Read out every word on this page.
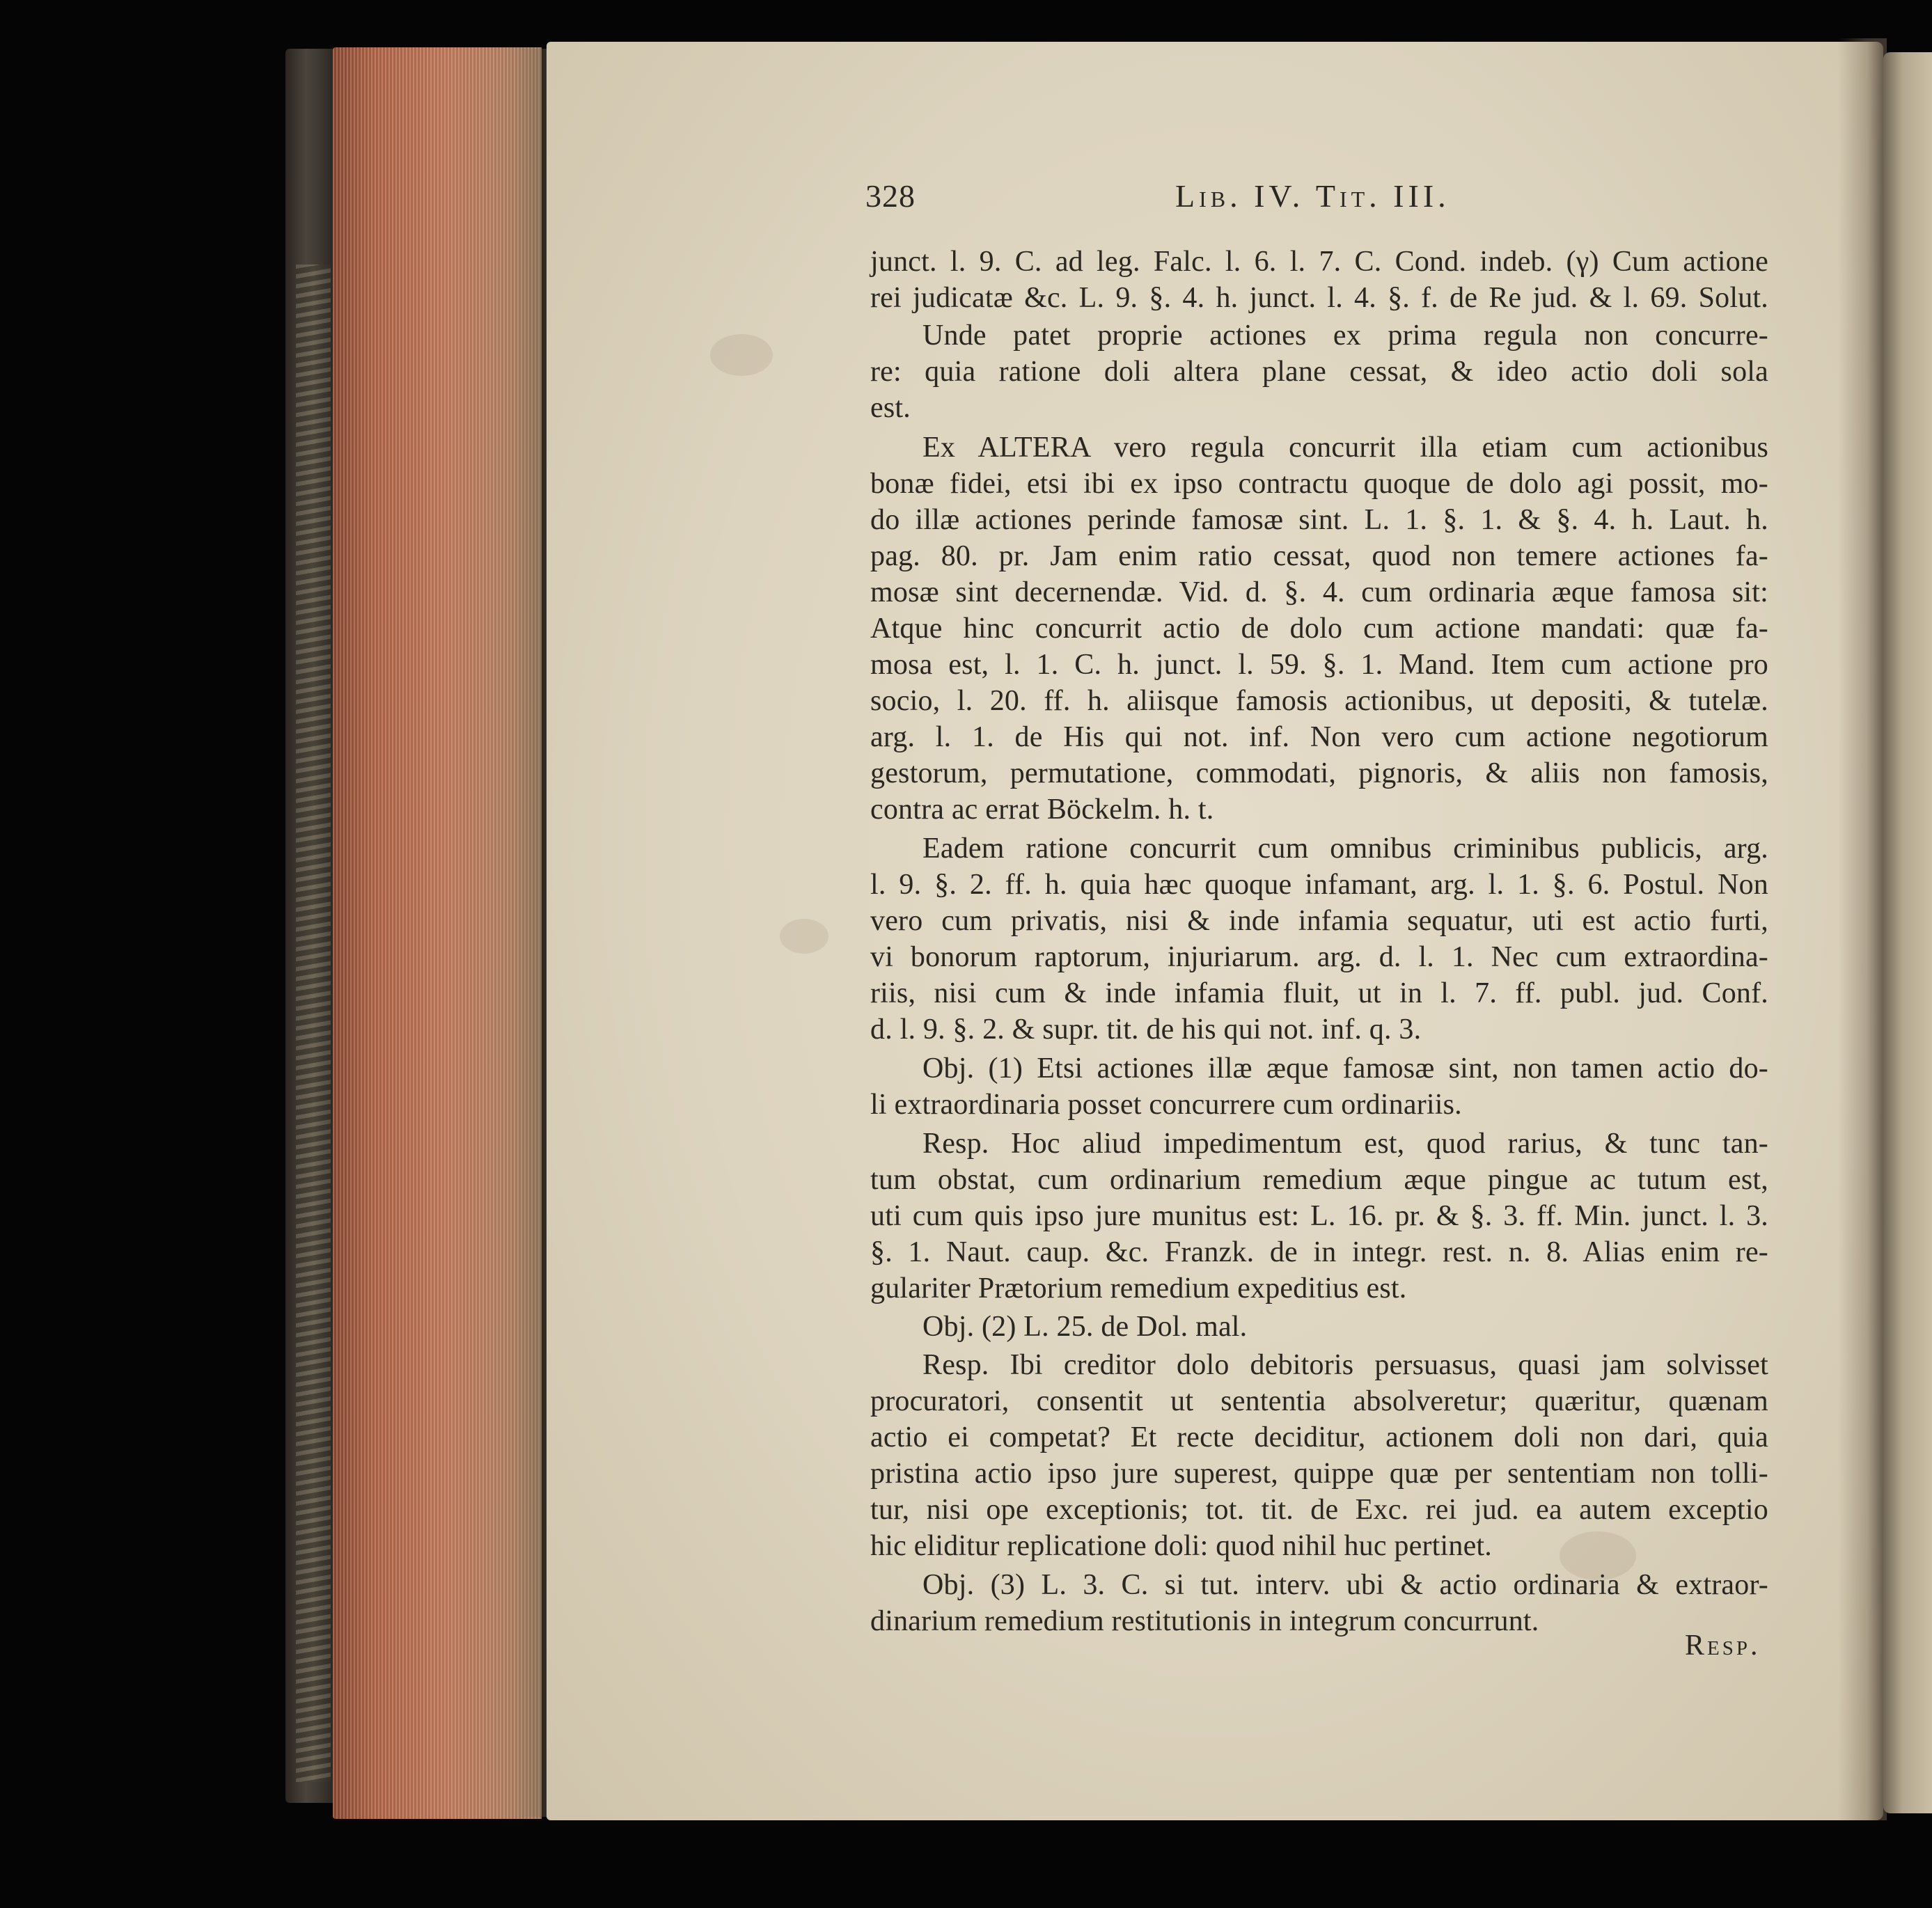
328	Lib. IV. Tit. III.
junct. l. 9. C. ad leg. Falc. l. 6. l. 7. C. Cond. indeb. (γ) Cum actione
rei judicatæ &c. L. 9. §. 4. h. junct. l. 4. §. f. de Re jud. & l. 69. Solut.
Unde patet proprie actiones ex prima regula non concurre-
re: quia ratione doli altera plane cessat, & ideo actio doli sola
est.
Ex ALTERA vero regula concurrit illa etiam cum actionibus
bonæ fidei, etsi ibi ex ipso contractu quoque de dolo agi possit, mo-
do illæ actiones perinde famosæ sint. L. 1. §. 1. & §. 4. h. Laut. h.
pag. 80. pr. Jam enim ratio cessat, quod non temere actiones fa-
mosæ sint decernendæ. Vid. d. §. 4. cum ordinaria æque famosa sit:
Atque hinc concurrit actio de dolo cum actione mandati: quæ fa-
mosa est, l. 1. C. h. junct. l. 59. §. 1. Mand. Item cum actione pro
socio, l. 20. ff. h. aliisque famosis actionibus, ut depositi, & tutelæ.
arg. l. 1. de His qui not. inf. Non vero cum actione negotiorum
gestorum, permutatione, commodati, pignoris, & aliis non famosis,
contra ac errat Böckelm. h. t.
Eadem ratione concurrit cum omnibus criminibus publicis, arg.
l. 9. §. 2. ff. h. quia hæc quoque infamant, arg. l. 1. §. 6. Postul. Non
vero cum privatis, nisi & inde infamia sequatur, uti est actio furti,
vi bonorum raptorum, injuriarum. arg. d. l. 1. Nec cum extraordina-
riis, nisi cum & inde infamia fluit, ut in l. 7. ff. publ. jud. Conf.
d. l. 9. §. 2. & supr. tit. de his qui not. inf. q. 3.
Obj. (1) Etsi actiones illæ æque famosæ sint, non tamen actio do-
li extraordinaria posset concurrere cum ordinariis.
Resp. Hoc aliud impedimentum est, quod rarius, & tunc tan-
tum obstat, cum ordinarium remedium æque pingue ac tutum est,
uti cum quis ipso jure munitus est: L. 16. pr. & §. 3. ff. Min. junct. l. 3.
§. 1. Naut. caup. &c. Franzk. de in integr. rest. n. 8. Alias enim re-
gulariter Prætorium remedium expeditius est.
Obj. (2) L. 25. de Dol. mal.
Resp. Ibi creditor dolo debitoris persuasus, quasi jam solvisset
procuratori, consentit ut sententia absolveretur; quæritur, quænam
actio ei competat? Et recte deciditur, actionem doli non dari, quia
pristina actio ipso jure superest, quippe quæ per sententiam non tolli-
tur, nisi ope exceptionis; tot. tit. de Exc. rei jud. ea autem exceptio
hic eliditur replicatione doli: quod nihil huc pertinet.
Obj. (3) L. 3. C. si tut. interv. ubi & actio ordinaria & extraor-
dinarium remedium restitutionis in integrum concurrunt.
Resp.
